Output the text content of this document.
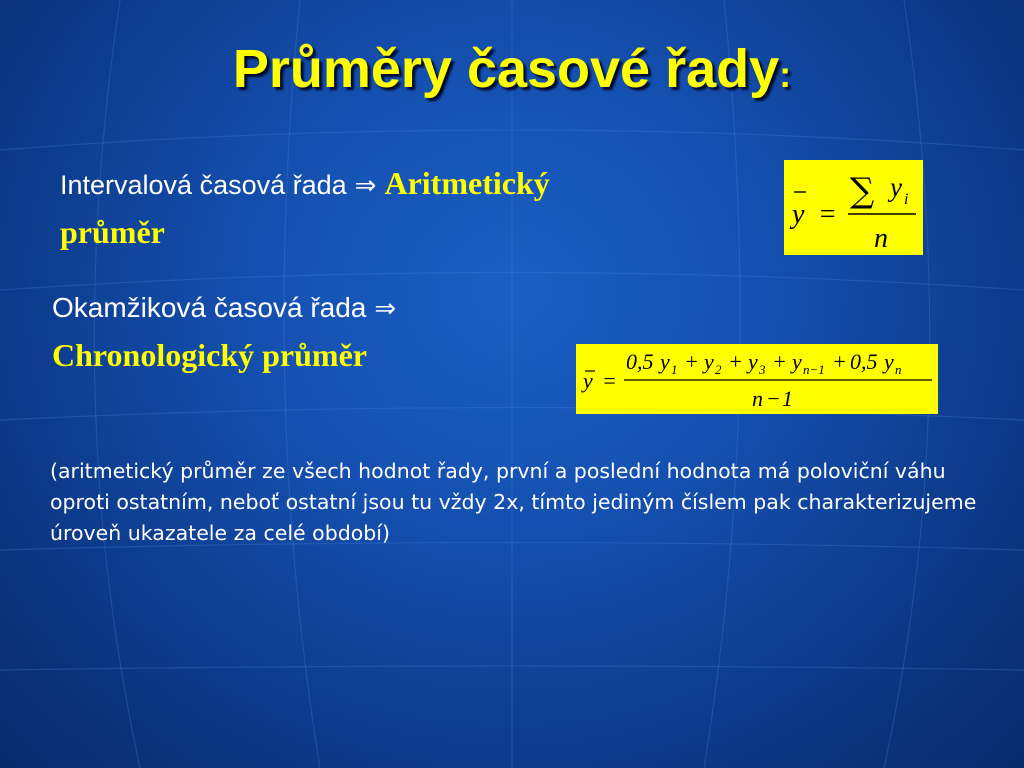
Průměry časové řady:
Intervalová časová řada ⇒ Aritmetický
průměr	y =
∑ y i
n
Okamžiková časová řada ⇒
Chronologický průměr
y =
0,5 y 1 + y 2 + y 3 + y n−1 + 0,5 y n
n − 1
(aritmetický průměr ze všech hodnot řady, první a poslední hodnota má poloviční váhu oproti ostatním, neboť ostatní jsou tu vždy 2x, tímto jediným číslem pak charakterizujeme úroveň ukazatele za celé období)
